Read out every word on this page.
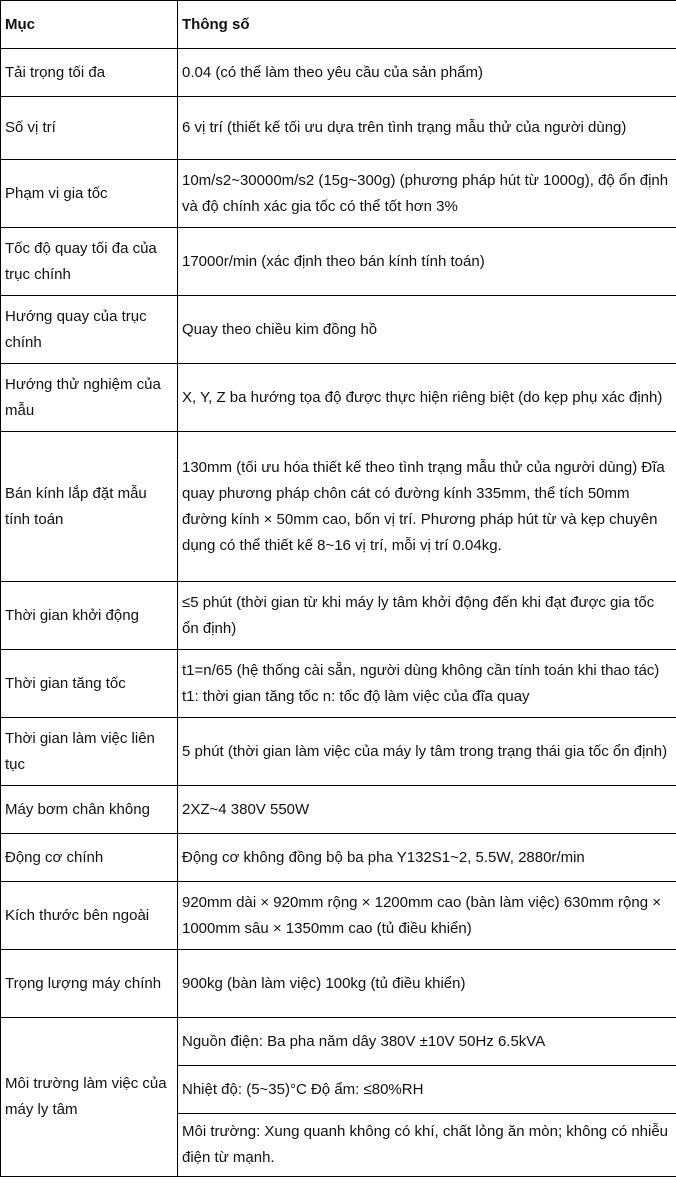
Mục	Thông số
Tải trọng tối đa	0.04 (có thể làm theo yêu cầu của sản phẩm)
Số vị trí	6 vị trí (thiết kế tối ưu dựa trên tình trạng mẫu thử của người dùng)
Phạm vi gia tốc	10m/s2~30000m/s2 (15g~300g) (phương pháp hút từ 1000g), độ ổn định và độ chính xác gia tốc có thể tốt hơn 3%
Tốc độ quay tối đa của trục chính	17000r/min (xác định theo bán kính tính toán)
Hướng quay của trục chính	Quay theo chiều kim đồng hồ
Hướng thử nghiệm của mẫu	X, Y, Z ba hướng tọa độ được thực hiện riêng biệt (do kẹp phụ xác định)
Bán kính lắp đặt mẫu tính toán	130mm (tối ưu hóa thiết kế theo tình trạng mẫu thử của người dùng) Đĩa quay phương pháp chôn cát có đường kính 335mm, thể tích 50mm đường kính × 50mm cao, bốn vị trí. Phương pháp hút từ và kẹp chuyên dụng có thể thiết kế 8~16 vị trí, mỗi vị trí 0.04kg.
Thời gian khởi động	≤5 phút (thời gian từ khi máy ly tâm khởi động đến khi đạt được gia tốc ổn định)
Thời gian tăng tốc	t1=n/65 (hệ thống cài sẵn, người dùng không cần tính toán khi thao tác) t1: thời gian tăng tốc n: tốc độ làm việc của đĩa quay
Thời gian làm việc liên tục	5 phút (thời gian làm việc của máy ly tâm trong trạng thái gia tốc ổn định)
Máy bơm chân không	2XZ~4 380V 550W
Động cơ chính	Động cơ không đồng bộ ba pha Y132S1~2, 5.5W, 2880r/min
Kích thước bên ngoài	920mm dài × 920mm rộng × 1200mm cao (bàn làm việc) 630mm rộng × 1000mm sâu × 1350mm cao (tủ điều khiển)
Trọng lượng máy chính	900kg (bàn làm việc) 100kg (tủ điều khiển)
Môi trường làm việc của máy ly tâm	Nguồn điện: Ba pha năm dây 380V ±10V 50Hz 6.5kVA
	Nhiệt độ: (5~35)°C Độ ẩm: ≤80%RH
	Môi trường: Xung quanh không có khí, chất lỏng ăn mòn; không có nhiễu điện từ mạnh.
